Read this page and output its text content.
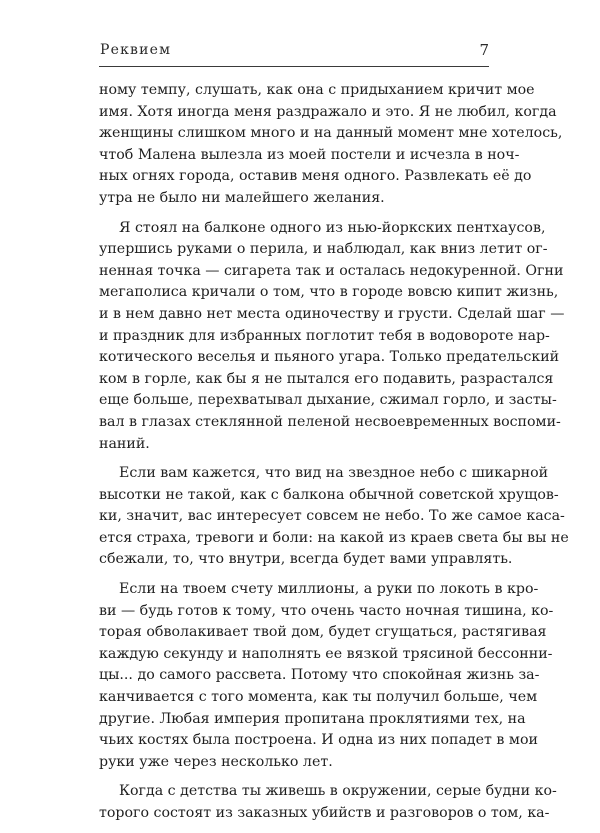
Реквием	7
ному темпу, слушать, как она с придыханием кричит мое
имя. Хотя иногда меня раздражало и это. Я не любил, когда
женщины слишком много и на данный момент мне хотелось,
чтоб Малена вылезла из моей постели и исчезла в ноч-
ных огнях города, оставив меня одного. Развлекать её до
утра не было ни малейшего желания.
Я стоял на балконе одного из нью-йоркских пентхаусов,
упершись руками о перила, и наблюдал, как вниз летит ог-
ненная точка — сигарета так и осталась недокуренной. Огни
мегаполиса кричали о том, что в городе вовсю кипит жизнь,
и в нем давно нет места одиночеству и грусти. Сделай шаг —
и праздник для избранных поглотит тебя в водовороте нар-
котического веселья и пьяного угара. Только предательский
ком в горле, как бы я не пытался его подавить, разрастался
еще больше, перехватывал дыхание, сжимал горло, и засты-
вал в глазах стеклянной пеленой несвоевременных воспоми-
наний.
Если вам кажется, что вид на звездное небо с шикарной
высотки не такой, как с балкона обычной советской хрущов-
ки, значит, вас интересует совсем не небо. То же самое каса-
ется страха, тревоги и боли: на какой из краев света бы вы не
сбежали, то, что внутри, всегда будет вами управлять.
Если на твоем счету миллионы, а руки по локоть в кро-
ви — будь готов к тому, что очень часто ночная тишина, ко-
торая обволакивает твой дом, будет сгущаться, растягивая
каждую секунду и наполнять ее вязкой трясиной бессонни-
цы... до самого рассвета. Потому что спокойная жизнь за-
канчивается с того момента, как ты получил больше, чем
другие. Любая империя пропитана проклятиями тех, на
чьих костях была построена. И одна из них попадет в мои
руки уже через несколько лет.
Когда с детства ты живешь в окружении, серые будни ко-
торого состоят из заказных убийств и разговоров о том, ка-
